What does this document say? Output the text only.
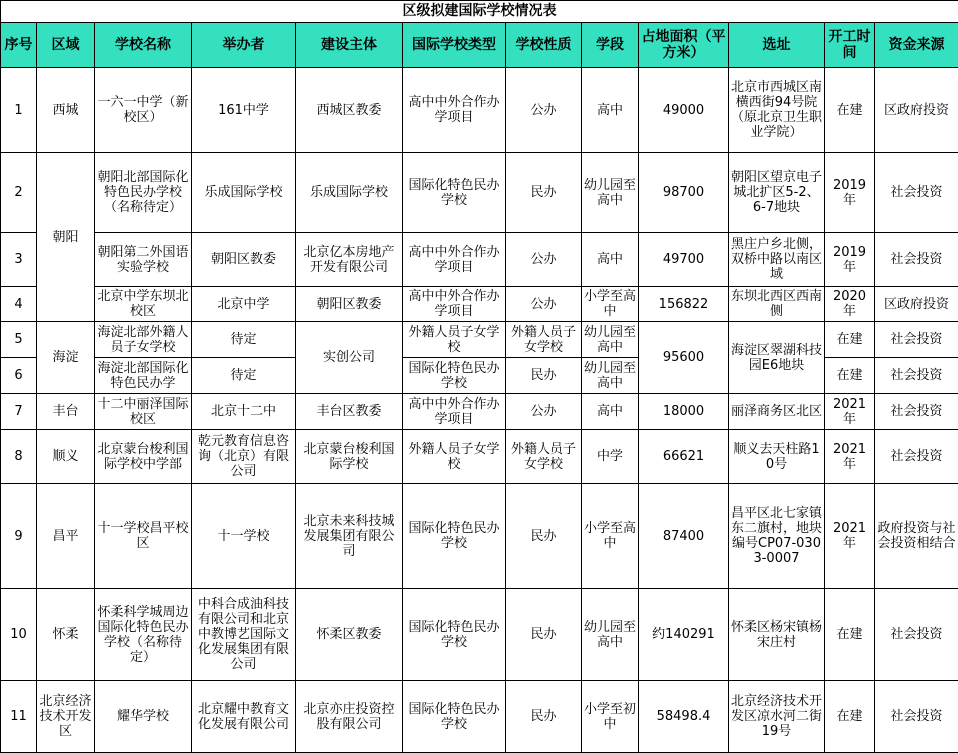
区级拟建国际学校情况表											
序号	区域	学校名称	举办者	建设主体	国际学校类型	学校性质	学段	占地面积（平方米）	选址	开工时间	资金来源
1	西城	一六一中学（新校区）	161中学	西城区教委	高中中外合作办学项目	公办	高中	49000	北京市西城区南横西街94号院（原北京卫生职业学院）	在建	区政府投资
2	朝阳	朝阳北部国际化特色民办学校（名称待定）	乐成国际学校	乐成国际学校	国际化特色民办学校	民办	幼儿园至高中	98700	朝阳区望京电子城北扩区5-2、6-7地块	2019年	社会投资
3		朝阳第二外国语实验学校	朝阳区教委	北京亿本房地产开发有限公司	高中中外合作办学项目	公办	高中	49700	黑庄户乡北侧，双桥中路以南区域	2019年	社会投资
4		北京中学东坝北校区	北京中学	朝阳区教委	高中中外合作办学项目	公办	小学至高中	156822	东坝北西区西南侧	2020年	区政府投资
5	海淀	海淀北部外籍人员子女学校	待定	实创公司	外籍人员子女学校	外籍人员子女学校	幼儿园至高中	95600	海淀区翠湖科技园E6地块	在建	社会投资
6		海淀北部国际化特色民办学	待定		国际化特色民办学校	民办	幼儿园至高中			在建	社会投资
7	丰台	十二中丽泽国际校区	北京十二中	丰台区教委	高中中外合作办学项目	公办	高中	18000	丽泽商务区北区	2021年	社会投资
8	顺义	北京蒙台梭利国际学校中学部	乾元教育信息咨询（北京）有限公司	北京蒙台梭利国际学校	外籍人员子女学校	外籍人员子女学校	中学	66621	顺义去天柱路10号	2021年	社会投资
9	昌平	十一学校昌平校区	十一学校	北京未来科技城发展集团有限公司	国际化特色民办学校	民办	小学至高中	87400	昌平区北七家镇东二旗村，地块编号CP07-0303-0007	2021年	政府投资与社会投资相结合
10	怀柔	怀柔科学城周边国际化特色民办学校（名称待定）	中科合成油科技有限公司和北京中教博艺国际文化发展集团有限公司	怀柔区教委	国际化特色民办学校	民办	幼儿园至高中	约140291	怀柔区杨宋镇杨宋庄村	在建	社会投资
11	北京经济技术开发区	耀华学校	北京耀中教育文化发展有限公司	北京亦庄投资控股有限公司	国际化特色民办学校	民办	小学至初中	58498.4	北京经济技术开发区凉水河二街19号	在建	社会投资
